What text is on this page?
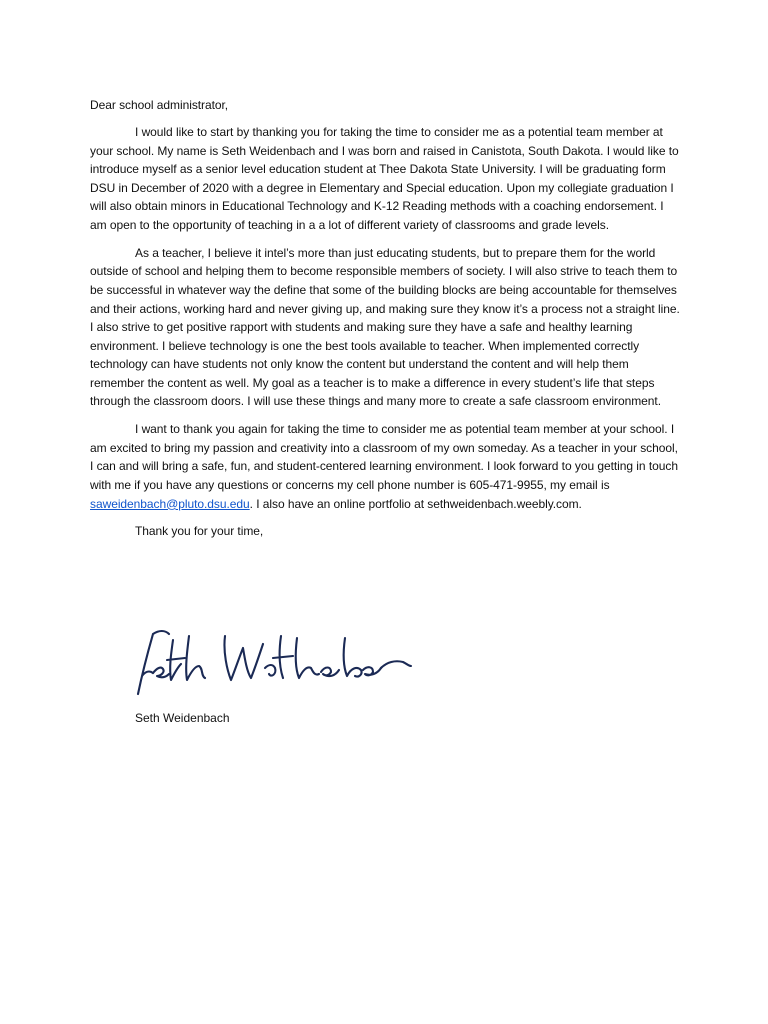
Dear school administrator,

I would like to start by thanking you for taking the time to consider me as a potential team member at your school. My name is Seth Weidenbach and I was born and raised in Canistota, South Dakota. I would like to introduce myself as a senior level education student at Thee Dakota State University. I will be graduating form DSU in December of 2020 with a degree in Elementary and Special education. Upon my collegiate graduation I will also obtain minors in Educational Technology and K-12 Reading methods with a coaching endorsement. I am open to the opportunity of teaching in a a lot of different variety of classrooms and grade levels.

As a teacher, I believe it intel’s more than just educating students, but to prepare them for the world outside of school and helping them to become responsible members of society. I will also strive to teach them to be successful in whatever way the define that some of the building blocks are being accountable for themselves and their actions, working hard and never giving up, and making sure they know it’s a process not a straight line. I also strive to get positive rapport with students and making sure they have a safe and healthy learning environment. I believe technology is one the best tools available to teacher. When implemented correctly technology can have students not only know the content but understand the content and will help them remember the content as well. My goal as a teacher is to make a difference in every student’s life that steps through the classroom doors. I will use these things and many more to create a safe classroom environment.

I want to thank you again for taking the time to consider me as potential team member at your school. I am excited to bring my passion and creativity into a classroom of my own someday. As a teacher in your school, I can and will bring a safe, fun, and student-centered learning environment. I look forward to you getting in touch with me if you have any questions or concerns my cell phone number is 605-471-9955, my email is saweidenbach@pluto.dsu.edu. I also have an online portfolio at sethweidenbach.weebly.com.

Thank you for your time,

Seth Weidenbach
